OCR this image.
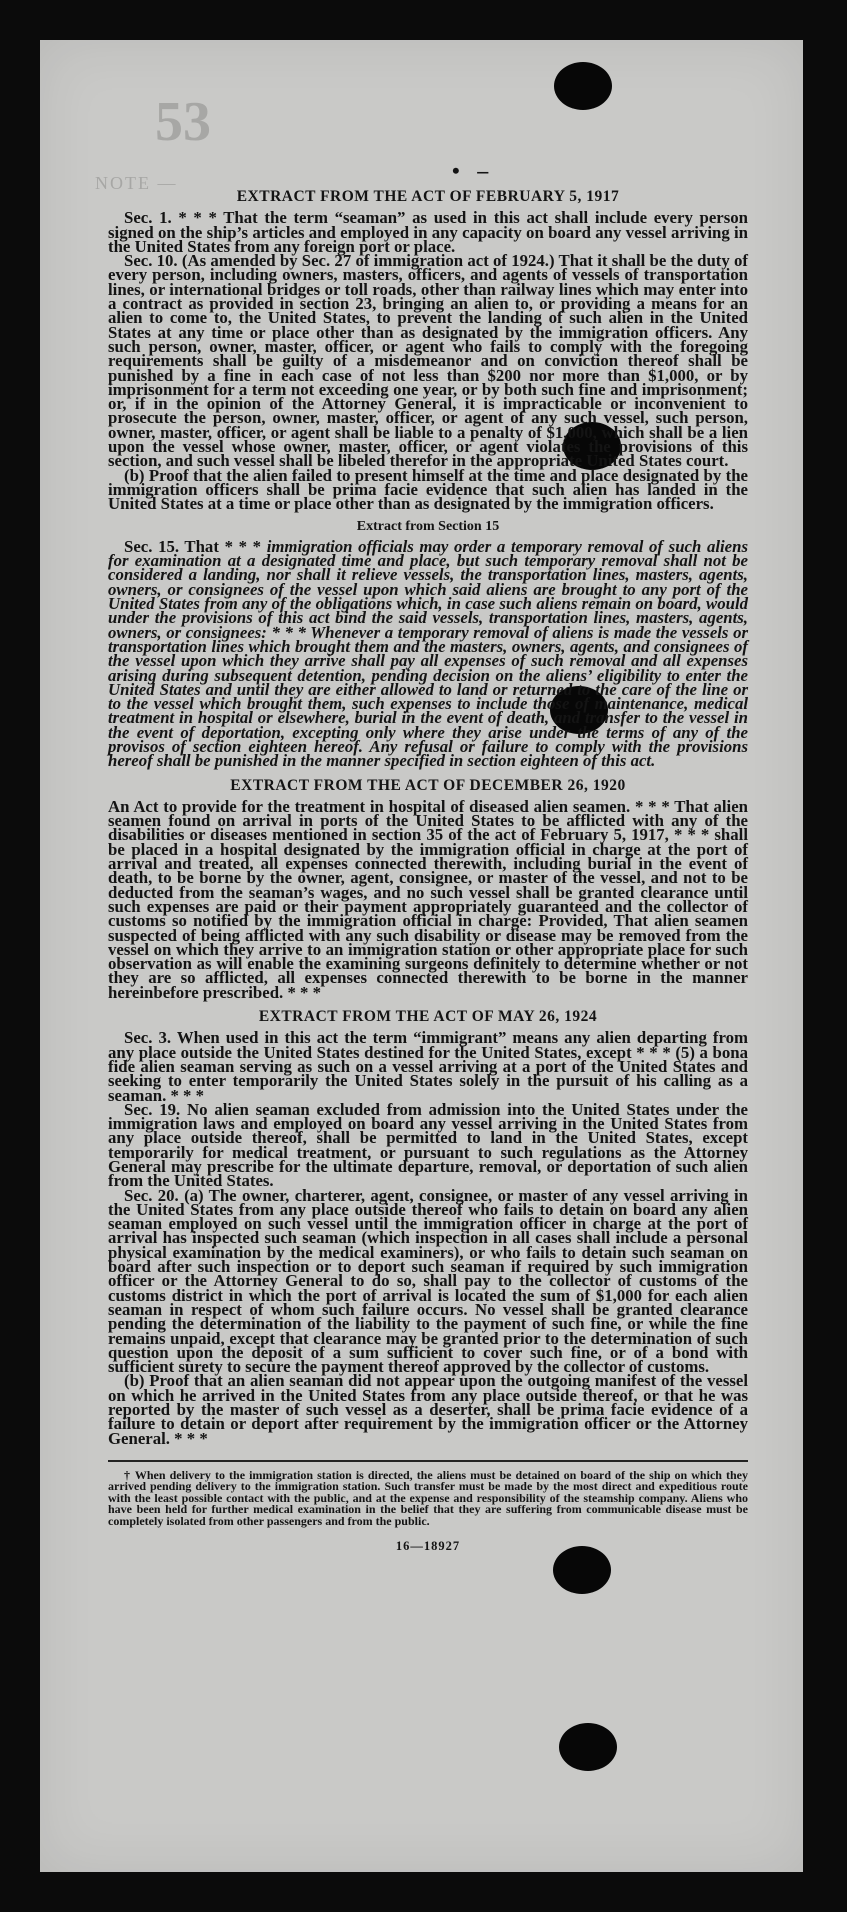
53
NOTE —	• ‒
EXTRACT FROM THE ACT OF FEBRUARY 5, 1917

Sec. 1. * * * That the term “seaman” as used in this act shall include every person signed on the ship’s articles and employed in any capacity on board any vessel arriving in the United States from any foreign port or place.

Sec. 10. (As amended by Sec. 27 of immigration act of 1924.) That it shall be the duty of every person, including owners, masters, officers, and agents of vessels of transportation lines, or international bridges or toll roads, other than railway lines which may enter into a contract as provided in section 23, bringing an alien to, or providing a means for an alien to come to, the United States, to prevent the landing of such alien in the United States at any time or place other than as designated by the immigration officers. Any such person, owner, master, officer, or agent who fails to comply with the foregoing requirements shall be guilty of a misdemeanor and on conviction thereof shall be punished by a fine in each case of not less than $200 nor more than $1,000, or by imprisonment for a term not exceeding one year, or by both such fine and imprisonment; or, if in the opinion of the Attorney General, it is impracticable or inconvenient to prosecute the person, owner, master, officer, or agent of any such vessel, such person, owner, master, officer, or agent shall be liable to a penalty of $1,000, which shall be a lien upon the vessel whose owner, master, officer, or agent violates the provisions of this section, and such vessel shall be libeled therefor in the appropriate United States court.

(b) Proof that the alien failed to present himself at the time and place designated by the immigration officers shall be prima facie evidence that such alien has landed in the United States at a time or place other than as designated by the immigration officers.

Extract from Section 15

Sec. 15. That * * * immigration officials may order a temporary removal of such aliens for examination at a designated time and place, but such temporary removal shall not be considered a landing, nor shall it relieve vessels, the transportation lines, masters, agents, owners, or consignees of the vessel upon which said aliens are brought to any port of the United States from any of the obligations which, in case such aliens remain on board, would under the provisions of this act bind the said vessels, transportation lines, masters, agents, owners, or consignees: * * * Whenever a temporary removal of aliens is made the vessels or transportation lines which brought them and the masters, owners, agents, and consignees of the vessel upon which they arrive shall pay all expenses of such removal and all expenses arising during subsequent detention, pending decision on the aliens’ eligibility to enter the United States and until they are either allowed to land or returned to the care of the line or to the vessel which brought them, such expenses to include those of maintenance, medical treatment in hospital or elsewhere, burial in the event of death, and transfer to the vessel in the event of deportation, excepting only where they arise under the terms of any of the provisos of section eighteen hereof. Any refusal or failure to comply with the provisions hereof shall be punished in the manner specified in section eighteen of this act.

EXTRACT FROM THE ACT OF DECEMBER 26, 1920

An Act to provide for the treatment in hospital of diseased alien seamen. * * * That alien seamen found on arrival in ports of the United States to be afflicted with any of the disabilities or diseases mentioned in section 35 of the act of February 5, 1917, * * * shall be placed in a hospital designated by the immigration official in charge at the port of arrival and treated, all expenses connected therewith, including burial in the event of death, to be borne by the owner, agent, consignee, or master of the vessel, and not to be deducted from the seaman’s wages, and no such vessel shall be granted clearance until such expenses are paid or their payment appropriately guaranteed and the collector of customs so notified by the immigration official in charge: Provided, That alien seamen suspected of being afflicted with any such disability or disease may be removed from the vessel on which they arrive to an immigration station or other appropriate place for such observation as will enable the examining surgeons definitely to determine whether or not they are so afflicted, all expenses connected therewith to be borne in the manner hereinbefore prescribed. * * *

EXTRACT FROM THE ACT OF MAY 26, 1924

Sec. 3. When used in this act the term “immigrant” means any alien departing from any place outside the United States destined for the United States, except * * * (5) a bona fide alien seaman serving as such on a vessel arriving at a port of the United States and seeking to enter temporarily the United States solely in the pursuit of his calling as a seaman. * * *

Sec. 19. No alien seaman excluded from admission into the United States under the immigration laws and employed on board any vessel arriving in the United States from any place outside thereof, shall be permitted to land in the United States, except temporarily for medical treatment, or pursuant to such regulations as the Attorney General may prescribe for the ultimate departure, removal, or deportation of such alien from the United States.

Sec. 20. (a) The owner, charterer, agent, consignee, or master of any vessel arriving in the United States from any place outside thereof who fails to detain on board any alien seaman employed on such vessel until the immigration officer in charge at the port of arrival has inspected such seaman (which inspection in all cases shall include a personal physical examination by the medical examiners), or who fails to detain such seaman on board after such inspection or to deport such seaman if required by such immigration officer or the Attorney General to do so, shall pay to the collector of customs of the customs district in which the port of arrival is located the sum of $1,000 for each alien seaman in respect of whom such failure occurs. No vessel shall be granted clearance pending the determination of the liability to the payment of such fine, or while the fine remains unpaid, except that clearance may be granted prior to the determination of such question upon the deposit of a sum sufficient to cover such fine, or of a bond with sufficient surety to secure the payment thereof approved by the collector of customs.

(b) Proof that an alien seaman did not appear upon the outgoing manifest of the vessel on which he arrived in the United States from any place outside thereof, or that he was reported by the master of such vessel as a deserter, shall be prima facie evidence of a failure to detain or deport after requirement by the immigration officer or the Attorney General. * * *

† When delivery to the immigration station is directed, the aliens must be detained on board of the ship on which they arrived pending delivery to the immigration station. Such transfer must be made by the most direct and expeditious route with the least possible contact with the public, and at the expense and responsibility of the steamship company. Aliens who have been held for further medical examination in the belief that they are suffering from communicable disease must be completely isolated from other passengers and from the public.

16—18927
